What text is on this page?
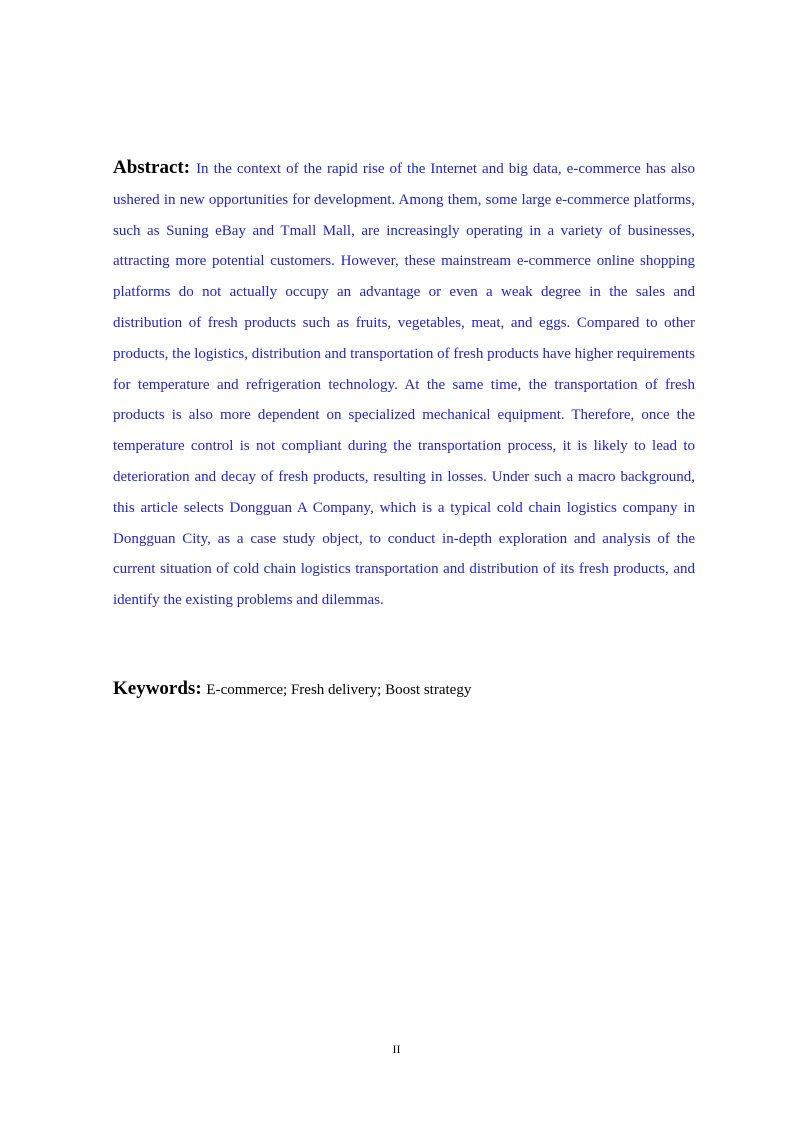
Abstract: In the context of the rapid rise of the Internet and big data, e-commerce has also ushered in new opportunities for development. Among them, some large e-commerce platforms, such as Suning eBay and Tmall Mall, are increasingly operating in a variety of businesses, attracting more potential customers. However, these mainstream e-commerce online shopping platforms do not actually occupy an advantage or even a weak degree in the sales and distribution of fresh products such as fruits, vegetables, meat, and eggs. Compared to other products, the logistics, distribution and transportation of fresh products have higher requirements for temperature and refrigeration technology. At the same time, the transportation of fresh products is also more dependent on specialized mechanical equipment. Therefore, once the temperature control is not compliant during the transportation process, it is likely to lead to deterioration and decay of fresh products, resulting in losses. Under such a macro background, this article selects Dongguan A Company, which is a typical cold chain logistics company in Dongguan City, as a case study object, to conduct in-depth exploration and analysis of the current situation of cold chain logistics transportation and distribution of its fresh products, and identify the existing problems and dilemmas.
Keywords: E-commerce; Fresh delivery; Boost strategy
II
